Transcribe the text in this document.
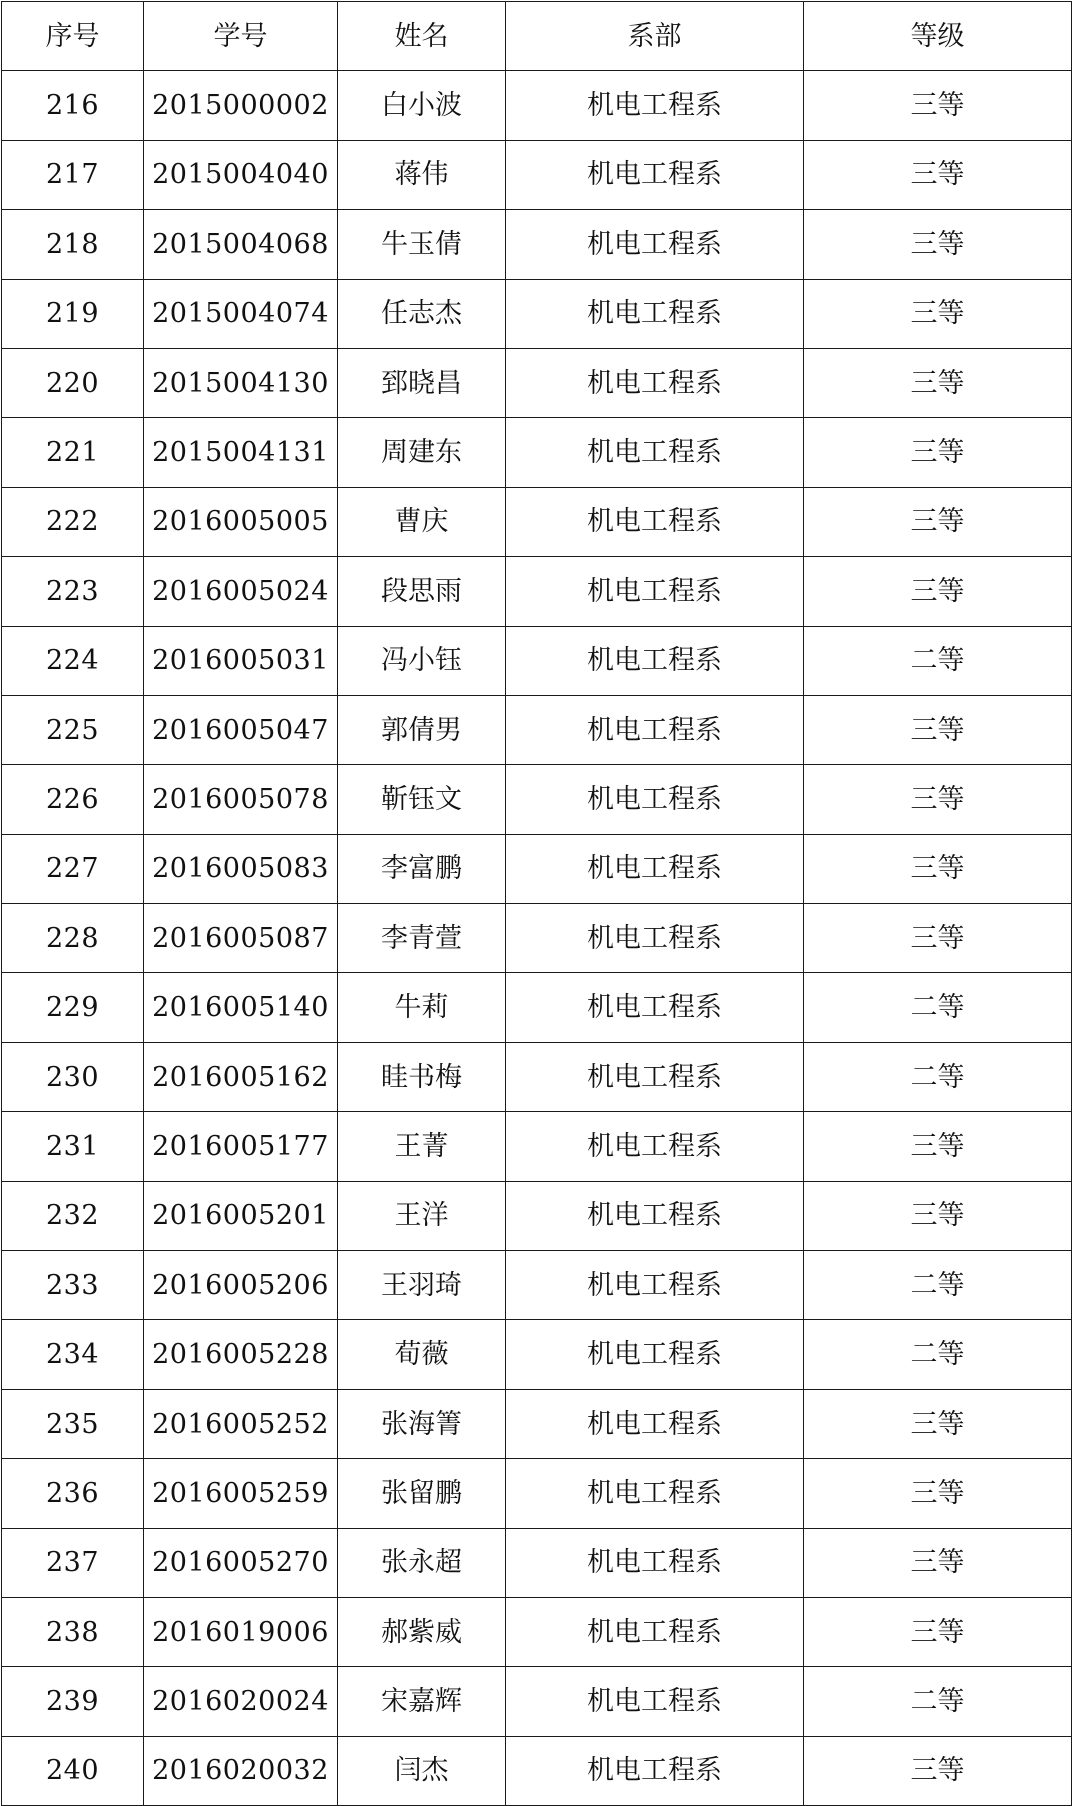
序号	学号	姓名	系部	等级
216	2015000002	白小波	机电工程系	三等
217	2015004040	蒋伟	机电工程系	三等
218	2015004068	牛玉倩	机电工程系	三等
219	2015004074	任志杰	机电工程系	三等
220	2015004130	郅晓昌	机电工程系	三等
221	2015004131	周建东	机电工程系	三等
222	2016005005	曹庆	机电工程系	三等
223	2016005024	段思雨	机电工程系	三等
224	2016005031	冯小钰	机电工程系	二等
225	2016005047	郭倩男	机电工程系	三等
226	2016005078	靳钰文	机电工程系	三等
227	2016005083	李富鹏	机电工程系	三等
228	2016005087	李青萱	机电工程系	三等
229	2016005140	牛莉	机电工程系	二等
230	2016005162	眭书梅	机电工程系	二等
231	2016005177	王菁	机电工程系	三等
232	2016005201	王洋	机电工程系	三等
233	2016005206	王羽琦	机电工程系	二等
234	2016005228	荀薇	机电工程系	二等
235	2016005252	张海箐	机电工程系	三等
236	2016005259	张留鹏	机电工程系	三等
237	2016005270	张永超	机电工程系	三等
238	2016019006	郝紫威	机电工程系	三等
239	2016020024	宋嘉辉	机电工程系	二等
240	2016020032	闫杰	机电工程系	三等
